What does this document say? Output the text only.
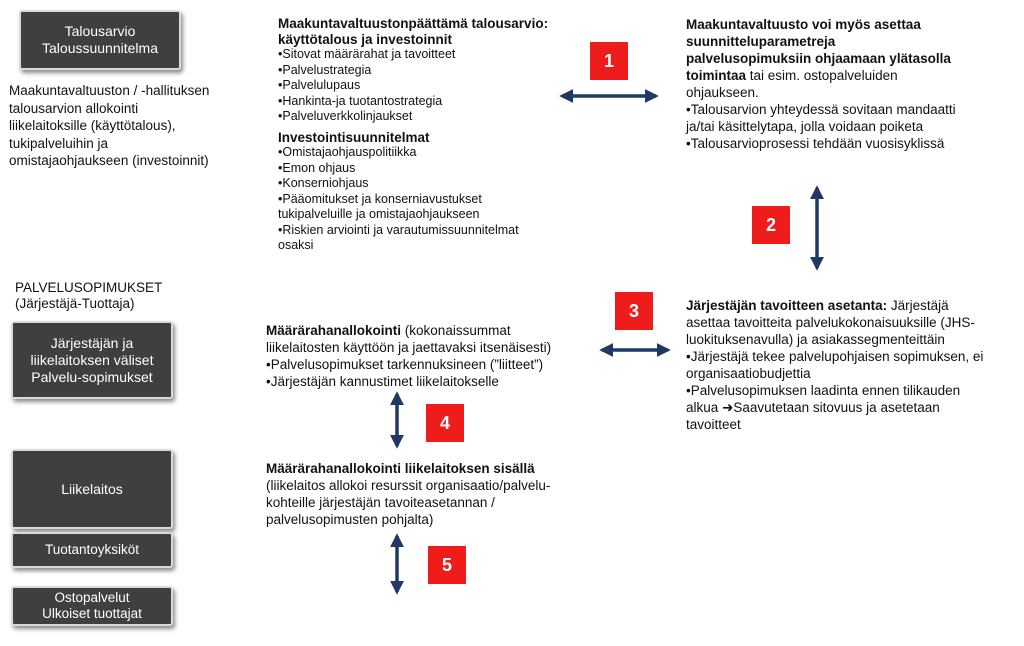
Talousarvio
Taloussuunnitelma
Järjestäjän ja
liikelaitoksen väliset
Palvelu-sopimukset
Liikelaitos
Tuotantoyksiköt
Ostopalvelut
Ulkoiset tuottajat
Maakuntavaltuuston / -hallituksen
talousarvion allokointi
liikelaitoksille (käyttötalous),
tukipalveluihin ja
omistajaohjaukseen (investoinnit)
PALVELUSOPIMUKSET
(Järjestäjä-Tuottaja)
Maakuntavaltuustonpäättämä talousarvio:
käyttötalous ja investoinnit
• Sitovat määrärahat ja tavoitteet
• Palvelustrategia
• Palvelulupaus
• Hankinta-ja tuotantostrategia
• Palveluverkkolinjaukset
Investointisuunnitelmat
• Omistajaohjauspolitiikka
• Emon ohjaus
• Konserniohjaus
• Pääomitukset ja konserniavustukset
tukipalveluille ja omistajaohjaukseen
• Riskien arviointi ja varautumissuunnitelmat
osaksi
Maakuntavaltuusto voi myös asettaa
suunnitteluparametreja
palvelusopimuksiin ohjaamaan ylätasolla
toimintaa tai esim. ostopalveluiden
ohjaukseen.
• Talousarvion yhteydessä sovitaan mandaatti
ja/tai käsittelytapa, jolla voidaan poiketa
• Talousarvioprosessi tehdään vuosisyklissä
Järjestäjän tavoitteen asetanta: Järjestäjä
asettaa tavoitteita palvelukokonaisuuksille (JHS-
luokituksenavulla) ja asiakassegmenteittäin
• Järjestäjä tekee palvelupohjaisen sopimuksen, ei
organisaatiobudjettia
• Palvelusopimuksen laadinta ennen tilikauden
alkua ➜Saavutetaan sitovuus ja asetetaan
tavoitteet
Määrärahanallokointi (kokonaissummat
liikelaitosten käyttöön ja jaettavaksi itsenäisesti)
• Palvelusopimukset tarkennuksineen (”liitteet”)
• Järjestäjän kannustimet liikelaitokselle
Määrärahanallokointi liikelaitoksen sisällä
(liikelaitos allokoi resurssit organisaatio/palvelu-
kohteille järjestäjän tavoiteasetannan /
palvelusopimusten pohjalta)
1
2
3
4
5
